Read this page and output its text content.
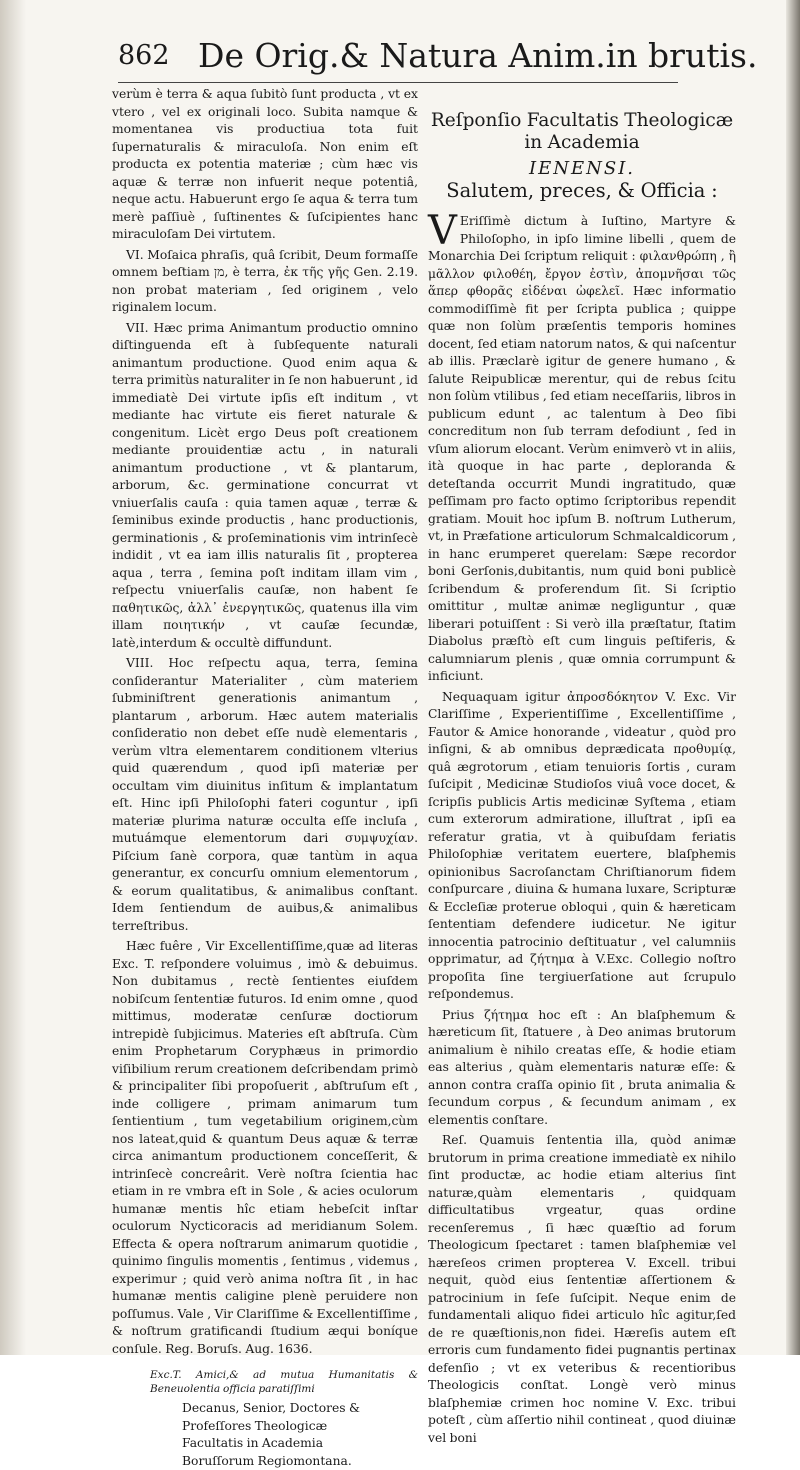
862 De Orig.& Natura Anim.in brutis.

verùm è terra & aqua ſubitò ſunt producta , vt ex vtero , vel ex originali loco. Subita namque & momentanea vis productiua tota fuit ſupernaturalis & miraculoſa. Non enim eſt producta ex potentia materiæ ; cùm hæc vis aquæ & terræ non infuerit neque potentiâ, neque actu. Habuerunt ergo ſe aqua & terra tum merè paſſiuè , ſuſtinentes & ſuſcipientes hanc miraculoſam Dei virtutem.

VI. Moſaica phraſis, quâ ſcribit, Deum formaſſe omnem beſtiam מן, è terra, ἐκ τῆς γῆς Gen. 2.19. non probat materiam , ſed originem , velo riginalem locum.

VII. Hæc prima Animantum productio omnino diſtinguenda eſt à ſubſequente naturali animantum productione. Quod enim aqua & terra primitùs naturaliter in ſe non habuerunt , id immediatè Dei virtute ipſis eſt inditum , vt mediante hac virtute eis fieret naturale & congenitum. Licèt ergo Deus poſt creationem mediante prouidentiæ actu , in naturali animantum productione , vt & plantarum, arborum, &c. germinatione concurrat vt vniuerſalis cauſa : quia tamen aquæ , terræ & ſeminibus exinde productis , hanc productionis, germinationis , & proſeminationis vim intrinſecè indidit , vt ea iam illis naturalis ſit , propterea aqua , terra , ſemina poſt inditam illam vim , reſpectu vniuerſalis cauſæ, non habent ſe παθητικῶς, ἀλλ᾽ ἐνεργητικῶς, quatenus illa vim illam ποιητικήν , vt cauſæ ſecundæ, latè,interdum & occultè diffundunt.

VIII. Hoc reſpectu aqua, terra, ſemina conſiderantur Materialiter , cùm materiem ſubminiſtrent generationis animantum , plantarum , arborum. Hæc autem materialis conſideratio non debet eſſe nudè elementaris , verùm vltra elementarem conditionem vlterius quid quærendum , quod ipſi materiæ per occultam vim diuinitus inſitum & implantatum eſt. Hinc ipſi Philoſophi fateri coguntur , ipſi materiæ plurima naturæ occulta eſſe incluſa , mutuámque elementorum dari συμψυχίαν. Piſcium ſanè corpora, quæ tantùm in aqua generantur, ex concurſu omnium elementorum , & eorum qualitatibus, & animalibus conſtant. Idem ſentiendum de auibus,& animalibus terreſtribus.

Hæc fuêre , Vir Excellentiſſime,quæ ad literas Exc. T. reſpondere voluimus , imò & debuimus. Non dubitamus , rectè ſentientes eiuſdem nobiſcum ſententiæ futuros. Id enim omne , quod mittimus, moderatæ cenſuræ doctiorum intrepidè ſubjicimus. Materies eſt abſtruſa. Cùm enim Prophetarum Coryphæus in primordio viſibilium rerum creationem deſcribendam primò & principaliter ſibi propoſuerit , abſtruſum eſt , inde colligere , primam animarum tum ſentientium , tum vegetabilium originem,cùm nos lateat,quid & quantum Deus aquæ & terræ circa animantum productionem conceſſerit, & intrinſecè concreârit. Verè noſtra ſcientia hac etiam in re vmbra eſt in Sole , & acies oculorum humanæ mentis hîc etiam hebeſcit inſtar oculorum Nycticoracis ad meridianum Solem. Effecta & opera noſtrarum animarum quotidie , quinimo ſingulis momentis , ſentimus , videmus , experimur ; quid verò anima noſtra ſit , in hac humanæ mentis caligine plenè peruidere non poſſumus. Vale , Vir Clariſſime & Excellentiſſime , & noſtrum gratificandi ſtudium æqui boníque conſule. Reg. Boruſs. Aug. 1636.

Exc.T. Amici,& ad mutua Humanitatis & Beneuolentia officia paratiſſimi
Decanus, Senior, Doctores & Profeſſores Theologicæ Facultatis in Academia Boruſſorum Regiomontana.
Reſponſio Facultatis Theologicæ in Academia
IENENSI.
Salutem, preces, & Officia :

V Eriſſimè dictum à Iuſtino, Martyre & Philoſopho, in ipſo limine libelli , quem de Monarchia Dei ſcriptum reliquit : φιλανθρώπη , ἢ μᾶλλον φιλοθέη, ἔργον ἐστὶν, ἀπομνῆσαι τῶς ἅπερ φθορᾶς εἰδέναι ὠφελεῖ. Hæc informatio commodiſſimè fit per ſcripta publica ; quippe quæ non ſolùm præſentis temporis homines docent, ſed etiam natorum natos, & qui naſcentur ab illis. Præclarè igitur de genere humano , & ſalute Reipublicæ merentur, qui de rebus ſcitu non ſolùm vtilibus , ſed etiam neceſſariis, libros in publicum edunt , ac talentum à Deo ſibi concreditum non ſub terram defodiunt , ſed in vſum aliorum elocant. Verùm enimverò vt in aliis, ità quoque in hac parte , deploranda & deteſtanda occurrit Mundi ingratitudo, quæ peſſimam pro facto optimo ſcriptoribus rependit gratiam. Mouit hoc ipſum B. noſtrum Lutherum, vt, in Præfatione articulorum Schmalcaldicorum , in hanc erumperet querelam: Sæpe recordor boni Gerſonis,dubitantis, num quid boni publicè ſcribendum & proferendum ſit. Si ſcriptio omittitur , multæ animæ negliguntur , quæ liberari potuiſſent : Si verò illa præſtatur, ſtatim Diabolus præſtò eſt cum linguis peſtiferis, & calumniarum plenis , quæ omnia corrumpunt & inficiunt.

Nequaquam igitur ἀπροσδόκητον V. Exc. Vir Clariſſime , Experientiſſime , Excellentiſſime , Fautor & Amice honorande , videatur , quòd pro inſigni, & ab omnibus deprædicata προθυμίᾳ, quâ ægrotorum , etiam tenuioris ſortis , curam ſuſcipit , Medicinæ Studioſos viuâ voce docet, & ſcripſis publicis Artis medicinæ Syſtema , etiam cum exterorum admiratione, illuſtrat , ipſi ea referatur gratia, vt à quibuſdam feriatis Philoſophiæ veritatem euertere, blaſphemis opinionibus Sacroſanctam Chriſtianorum fidem conſpurcare , diuina & humana luxare, Scripturæ & Eccleſiæ proterue obloqui , quin & hæreticam ſententiam defendere iudicetur. Ne igitur innocentia patrocinio deſtituatur , vel calumniis opprimatur, ad ζήτημα à V.Exc. Collegio noſtro propoſita ſine tergiuerſatione aut ſcrupulo reſpondemus.

Prius ζήτημα hoc eſt : An blaſphemum & hæreticum ſit, ſtatuere , à Deo animas brutorum animalium è nihilo creatas eſſe, & hodie etiam eas alterius , quàm elementaris naturæ eſſe: & annon contra craſſa opinio ſit , bruta animalia & ſecundum corpus , & ſecundum animam , ex elementis conſtare.

Reſ. Quamuis ſententia illa, quòd animæ brutorum in prima creatione immediatè ex nihilo ſint productæ, ac hodie etiam alterius ſint naturæ,quàm elementaris , quidquam difficultatibus vrgeatur, quas ordine recenſeremus , ſi hæc quæſtio ad forum Theologicum ſpectaret : tamen blaſphemiæ vel hæreſeos crimen propterea V. Excell. tribui nequit, quòd eius ſententiæ aſſertionem & patrocinium in ſeſe ſuſcipit. Neque enim de fundamentali aliquo fidei articulo hîc agitur,ſed de re quæſtionis,non fidei. Hæreſis autem eſt erroris cum fundamento fidei pugnantis pertinax defenſio ; vt ex veteribus & recentioribus Theologicis conſtat. Longè verò minus blaſphemiæ crimen hoc nomine V. Exc. tribui poteſt , cùm aſſertio nihil contineat , quod diuinæ vel boni
